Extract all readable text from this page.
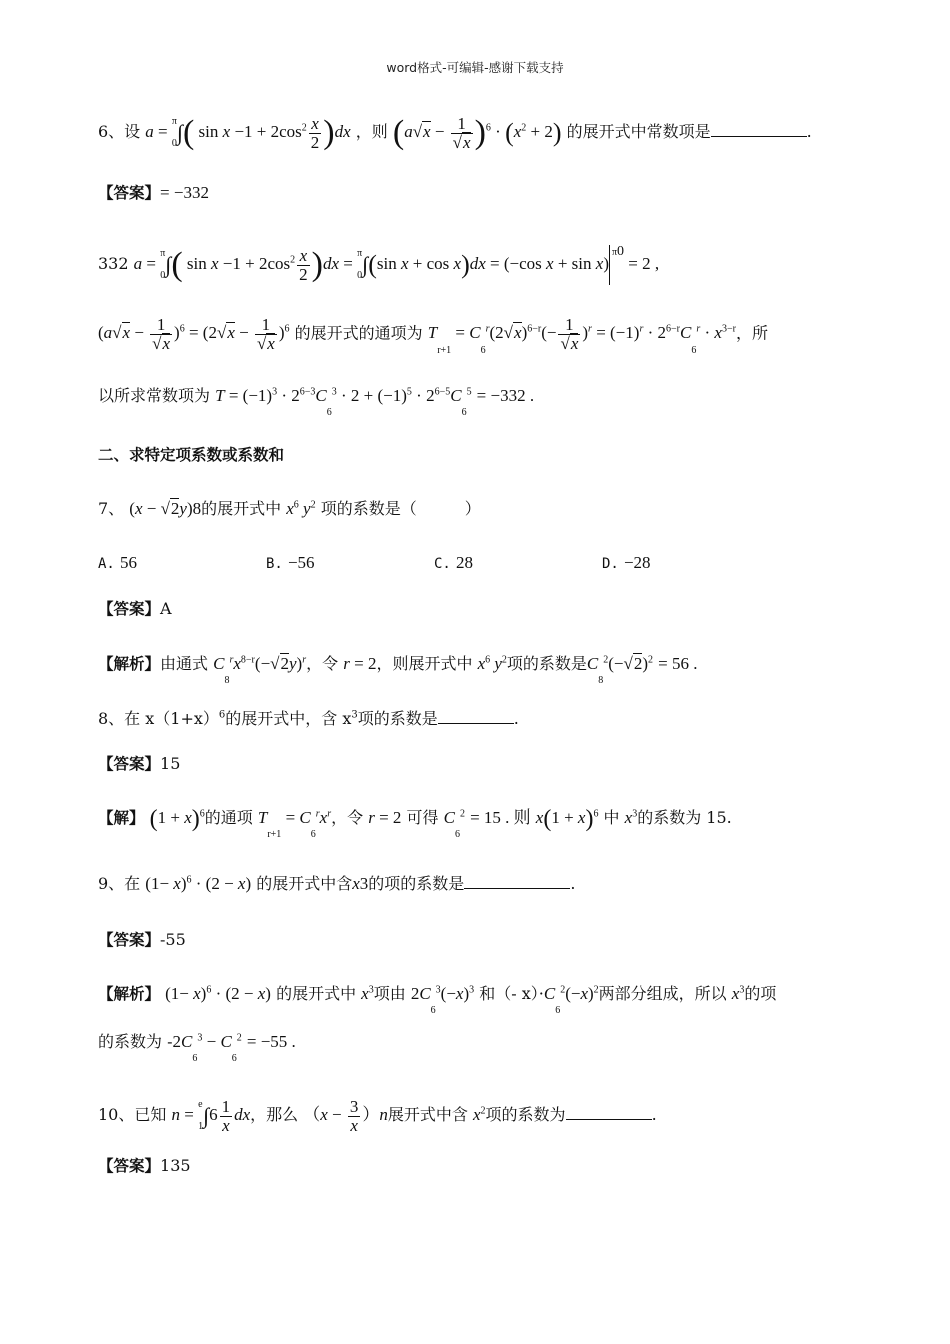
word格式-可编辑-感谢下载支持
6、设 a =
π
0 ∫( $\sin x -1 + 2\cos^2 \frac{x}{2} )dx$ ，则 $(a√x - \frac{1}{√x} )^6 \cdot (x^2 + 2)$ 的展开式中常数项是	.
【答案】= −332
332 a =
π
0 ∫( $\sin x -1 + 2\cos^2 \frac{x}{2} )dx$ =
π
0 ∫(sin x + cos x)dx = (−cos x + sin x)π0 = 2 ,
$(a√x - \frac{1}{√x} )^6 = (2√x - \frac{1}{√x} )^6$ 的展开式的通项为 $T_{r+1} = C_6^r(2√x)^{6-r}(- \frac{1}{√x} )^r = (-1)^r \cdot 2^{6-r}C_6^r \cdot x^{3-r}$，所
以所求常数项为 $T = (-1)^3 \cdot 2^{6-3}C_6^3 \cdot 2 + (-1)^5 \cdot 2^{6-5}C_6^5 = -332$ .
二、求特定项系数或系数和
7、 (x − √2y)8的展开式中 $x^6$ $y^2$ 项的系数是（　　　）
A. 56	B. −56	C. 28	D. −28
【答案】A
【解析】由通式 $C_8^rx^{8-r}(-√2y)^r$，令 r = 2，则展开式中 $x^6$ $y^2$项的系数是$C_8^2(-√2)^2 = 56$ .
8、在 $x(1+x)^6$的展开式中，含 $x^3$项的系数是	.
【答案】15
【解】 $(1 + x)^6$的通项 $T_{r+1} = C_6^rx^r$，令 r = 2 可得 $C_6^2 = 15$ . 则 $x(1 + x)^6$ 中 $x^3$的系数为 15.
9、在 $(1- x)^6 \cdot (2 - x)$ 的展开式中含x3的项的系数是	.
【答案】-55
【解析】 $(1- x)^6 \cdot (2 - x)$ 的展开式中 $x^3$项由 $2C_6^3(-x)^3$ 和（- $x)\cdot C_6^2(-x)^2$两部分组成，所以 $x^3$的项
的系数为 $-2C_6^3 - C_6^2 = -55$ .
10、已知 n =
e
1 $\int 6 \frac{1}{x}$ dx，那么 $(x - \frac{3}{x} )n$展开式中含 $x^2$项的系数为	.
【答案】135
